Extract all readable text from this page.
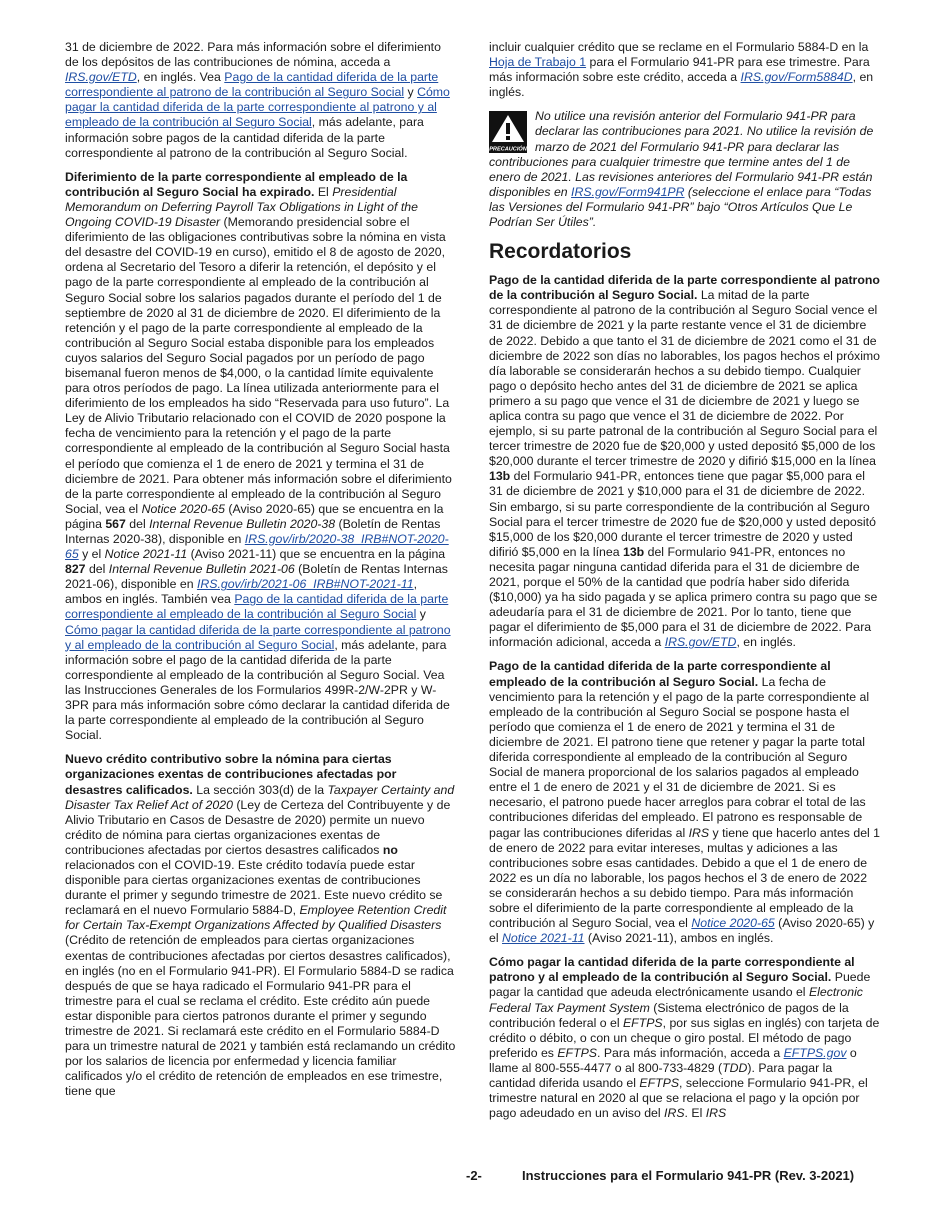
31 de diciembre de 2022. Para más información sobre el diferimiento de los depósitos de las contribuciones de nómina, acceda a IRS.gov/ETD, en inglés. Vea Pago de la cantidad diferida de la parte correspondiente al patrono de la contribución al Seguro Social y Cómo pagar la cantidad diferida de la parte correspondiente al patrono y al empleado de la contribución al Seguro Social, más adelante, para información sobre pagos de la cantidad diferida de la parte correspondiente al patrono de la contribución al Seguro Social.

Diferimiento de la parte correspondiente al empleado de la contribución al Seguro Social ha expirado. El Presidential Memorandum on Deferring Payroll Tax Obligations in Light of the Ongoing COVID-19 Disaster (Memorando presidencial sobre el diferimiento de las obligaciones contributivas sobre la nómina en vista del desastre del COVID-19 en curso), emitido el 8 de agosto de 2020, ordena al Secretario del Tesoro a diferir la retención, el depósito y el pago de la parte correspondiente al empleado de la contribución al Seguro Social sobre los salarios pagados durante el período del 1 de septiembre de 2020 al 31 de diciembre de 2020. El diferimiento de la retención y el pago de la parte correspondiente al empleado de la contribución al Seguro Social estaba disponible para los empleados cuyos salarios del Seguro Social pagados por un período de pago bisemanal fueron menos de $4,000, o la cantidad límite equivalente para otros períodos de pago. La línea utilizada anteriormente para el diferimiento de los empleados ha sido “Reservada para uso futuro”. La Ley de Alivio Tributario relacionado con el COVID de 2020 pospone la fecha de vencimiento para la retención y el pago de la parte correspondiente al empleado de la contribución al Seguro Social hasta el período que comienza el 1 de enero de 2021 y termina el 31 de diciembre de 2021. Para obtener más información sobre el diferimiento de la parte correspondiente al empleado de la contribución al Seguro Social, vea el Notice 2020-65 (Aviso 2020-65) que se encuentra en la página 567 del Internal Revenue Bulletin 2020-38 (Boletín de Rentas Internas 2020-38), disponible en IRS.gov/irb/2020-38_IRB#NOT-2020-65 y el Notice 2021-11 (Aviso 2021-11) que se encuentra en la página 827 del Internal Revenue Bulletin 2021-06 (Boletín de Rentas Internas 2021-06), disponible en IRS.gov/irb/2021-06_IRB#NOT-2021-11, ambos en inglés. También vea Pago de la cantidad diferida de la parte correspondiente al empleado de la contribución al Seguro Social y Cómo pagar la cantidad diferida de la parte correspondiente al patrono y al empleado de la contribución al Seguro Social, más adelante, para información sobre el pago de la cantidad diferida de la parte correspondiente al empleado de la contribución al Seguro Social. Vea las Instrucciones Generales de los Formularios 499R-2/W-2PR y W-3PR para más información sobre cómo declarar la cantidad diferida de la parte correspondiente al empleado de la contribución al Seguro Social.

Nuevo crédito contributivo sobre la nómina para ciertas organizaciones exentas de contribuciones afectadas por desastres calificados. La sección 303(d) de la Taxpayer Certainty and Disaster Tax Relief Act of 2020 (Ley de Certeza del Contribuyente y de Alivio Tributario en Casos de Desastre de 2020) permite un nuevo crédito de nómina para ciertas organizaciones exentas de contribuciones afectadas por ciertos desastres calificados no relacionados con el COVID-19. Este crédito todavía puede estar disponible para ciertas organizaciones exentas de contribuciones durante el primer y segundo trimestre de 2021. Este nuevo crédito se reclamará en el nuevo Formulario 5884-D, Employee Retention Credit for Certain Tax-Exempt Organizations Affected by Qualified Disasters (Crédito de retención de empleados para ciertas organizaciones exentas de contribuciones afectadas por ciertos desastres calificados), en inglés (no en el Formulario 941-PR). El Formulario 5884-D se radica después de que se haya radicado el Formulario 941-PR para el trimestre para el cual se reclama el crédito. Este crédito aún puede estar disponible para ciertos patronos durante el primer y segundo trimestre de 2021. Si reclamará este crédito en el Formulario 5884-D para un trimestre natural de 2021 y también está reclamando un crédito por los salarios de licencia por enfermedad y licencia familiar calificados y/o el crédito de retención de empleados en ese trimestre, tiene que

incluir cualquier crédito que se reclame en el Formulario 5884-D en la Hoja de Trabajo 1 para el Formulario 941-PR para ese trimestre. Para más información sobre este crédito, acceda a IRS.gov/Form5884D, en inglés.

PRECAUCIÓN
No utilice una revisión anterior del Formulario 941-PR para declarar las contribuciones para 2021. No utilice la revisión de marzo de 2021 del Formulario 941-PR para declarar las contribuciones para cualquier trimestre que termine antes del 1 de enero de 2021. Las revisiones anteriores del Formulario 941-PR están disponibles en IRS.gov/Form941PR (seleccione el enlace para “Todas las Versiones del Formulario 941-PR” bajo “Otros Artículos Que Le Podrían Ser Útiles”.
Recordatorios

Pago de la cantidad diferida de la parte correspondiente al patrono de la contribución al Seguro Social. La mitad de la parte correspondiente al patrono de la contribución al Seguro Social vence el 31 de diciembre de 2021 y la parte restante vence el 31 de diciembre de 2022. Debido a que tanto el 31 de diciembre de 2021 como el 31 de diciembre de 2022 son días no laborables, los pagos hechos el próximo día laborable se considerarán hechos a su debido tiempo. Cualquier pago o depósito hecho antes del 31 de diciembre de 2021 se aplica primero a su pago que vence el 31 de diciembre de 2021 y luego se aplica contra su pago que vence el 31 de diciembre de 2022. Por ejemplo, si su parte patronal de la contribución al Seguro Social para el tercer trimestre de 2020 fue de $20,000 y usted depositó $5,000 de los $20,000 durante el tercer trimestre de 2020 y difirió $15,000 en la línea 13b del Formulario 941-PR, entonces tiene que pagar $5,000 para el 31 de diciembre de 2021 y $10,000 para el 31 de diciembre de 2022. Sin embargo, si su parte correspondiente de la contribución al Seguro Social para el tercer trimestre de 2020 fue de $20,000 y usted depositó $15,000 de los $20,000 durante el tercer trimestre de 2020 y usted difirió $5,000 en la línea 13b del Formulario 941-PR, entonces no necesita pagar ninguna cantidad diferida para el 31 de diciembre de 2021, porque el 50% de la cantidad que podría haber sido diferida ($10,000) ya ha sido pagada y se aplica primero contra su pago que se adeudaría para el 31 de diciembre de 2021. Por lo tanto, tiene que pagar el diferimiento de $5,000 para el 31 de diciembre de 2022. Para información adicional, acceda a IRS.gov/ETD, en inglés.

Pago de la cantidad diferida de la parte correspondiente al empleado de la contribución al Seguro Social. La fecha de vencimiento para la retención y el pago de la parte correspondiente al empleado de la contribución al Seguro Social se pospone hasta el período que comienza el 1 de enero de 2021 y termina el 31 de diciembre de 2021. El patrono tiene que retener y pagar la parte total diferida correspondiente al empleado de la contribución al Seguro Social de manera proporcional de los salarios pagados al empleado entre el 1 de enero de 2021 y el 31 de diciembre de 2021. Si es necesario, el patrono puede hacer arreglos para cobrar el total de las contribuciones diferidas del empleado. El patrono es responsable de pagar las contribuciones diferidas al IRS y tiene que hacerlo antes del 1 de enero de 2022 para evitar intereses, multas y adiciones a las contribuciones sobre esas cantidades. Debido a que el 1 de enero de 2022 es un día no laborable, los pagos hechos el 3 de enero de 2022 se considerarán hechos a su debido tiempo. Para más información sobre el diferimiento de la parte correspondiente al empleado de la contribución al Seguro Social, vea el Notice 2020-65 (Aviso 2020-65) y el Notice 2021-11 (Aviso 2021-11), ambos en inglés.

Cómo pagar la cantidad diferida de la parte correspondiente al patrono y al empleado de la contribución al Seguro Social. Puede pagar la cantidad que adeuda electrónicamente usando el Electronic Federal Tax Payment System (Sistema electrónico de pagos de la contribución federal o el EFTPS, por sus siglas en inglés) con tarjeta de crédito o débito, o con un cheque o giro postal. El método de pago preferido es EFTPS. Para más información, acceda a EFTPS.gov o llame al 800-555-4477 o al 800-733-4829 (TDD). Para pagar la cantidad diferida usando el EFTPS, seleccione Formulario 941-PR, el trimestre natural en 2020 al que se relaciona el pago y la opción por pago adeudado en un aviso del IRS. El IRS

-2-	Instrucciones para el Formulario 941-PR (Rev. 3-2021)
